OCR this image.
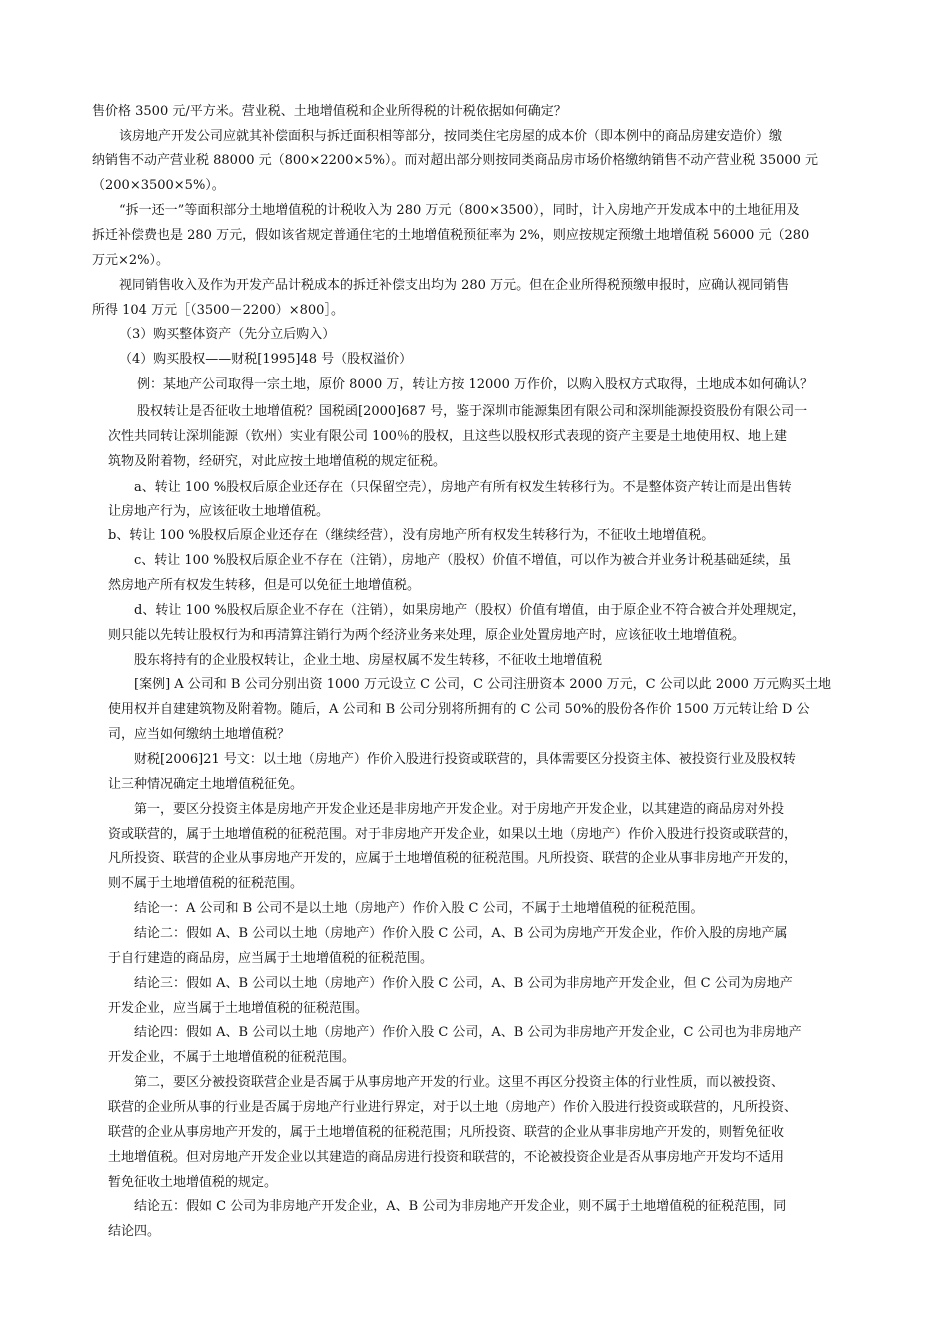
售价格 3500 元/平方米。营业税、土地增值税和企业所得税的计税依据如何确定？
该房地产开发公司应就其补偿面积与拆迁面积相等部分，按同类住宅房屋的成本价（即本例中的商品房建安造价）缴
纳销售不动产营业税 88000 元（800×2200×5%）。而对超出部分则按同类商品房市场价格缴纳销售不动产营业税 35000 元
（200×3500×5%）。
“拆一还一”等面积部分土地增值税的计税收入为 280 万元（800×3500），同时，计入房地产开发成本中的土地征用及
拆迁补偿费也是 280 万元，假如该省规定普通住宅的土地增值税预征率为 2%，则应按规定预缴土地增值税 56000 元（280
万元×2%）。
视同销售收入及作为开发产品计税成本的拆迁补偿支出均为 280 万元。但在企业所得税预缴申报时，应确认视同销售
所得 104 万元［（3500－2200）×800］。
（3）购买整体资产（先分立后购入）
（4）购买股权——财税[1995]48 号（股权溢价）
例：某地产公司取得一宗土地，原价 8000 万，转让方按 12000 万作价，以购入股权方式取得，土地成本如何确认？
股权转让是否征收土地增值税？国税函[2000]687 号，鉴于深圳市能源集团有限公司和深圳能源投资股份有限公司一
次性共同转让深圳能源（钦州）实业有限公司 100％的股权，且这些以股权形式表现的资产主要是土地使用权、地上建
筑物及附着物，经研究，对此应按土地增值税的规定征税。
a、转让 100 %股权后原企业还存在（只保留空壳），房地产有所有权发生转移行为。不是整体资产转让而是出售转
让房地产行为，应该征收土地增值税。
b、转让 100 %股权后原企业还存在（继续经营），没有房地产所有权发生转移行为，不征收土地增值税。
c、转让 100 %股权后原企业不存在（注销），房地产（股权）价值不增值，可以作为被合并业务计税基础延续，虽
然房地产所有权发生转移，但是可以免征土地增值税。
d、转让 100 %股权后原企业不存在（注销），如果房地产（股权）价值有增值，由于原企业不符合被合并处理规定，
则只能以先转让股权行为和再清算注销行为两个经济业务来处理，原企业处置房地产时，应该征收土地增值税。
股东将持有的企业股权转让，企业土地、房屋权属不发生转移，不征收土地增值税
[案例] A 公司和 B 公司分别出资 1000 万元设立 C 公司，C 公司注册资本 2000 万元，C 公司以此 2000 万元购买土地
使用权并自建建筑物及附着物。随后，A 公司和 B 公司分别将所拥有的 C 公司 50%的股份各作价 1500 万元转让给 D 公
司，应当如何缴纳土地增值税？
财税[2006]21 号文：以土地（房地产）作价入股进行投资或联营的，具体需要区分投资主体、被投资行业及股权转
让三种情况确定土地增值税征免。
第一，要区分投资主体是房地产开发企业还是非房地产开发企业。对于房地产开发企业，以其建造的商品房对外投
资或联营的，属于土地增值税的征税范围。对于非房地产开发企业，如果以土地（房地产）作价入股进行投资或联营的，
凡所投资、联营的企业从事房地产开发的，应属于土地增值税的征税范围。凡所投资、联营的企业从事非房地产开发的，
则不属于土地增值税的征税范围。
结论一：A 公司和 B 公司不是以土地（房地产）作价入股 C 公司，不属于土地增值税的征税范围。
结论二：假如 A、B 公司以土地（房地产）作价入股 C 公司，A、B 公司为房地产开发企业，作价入股的房地产属
于自行建造的商品房，应当属于土地增值税的征税范围。
结论三：假如 A、B 公司以土地（房地产）作价入股 C 公司，A、B 公司为非房地产开发企业，但 C 公司为房地产
开发企业，应当属于土地增值税的征税范围。
结论四：假如 A、B 公司以土地（房地产）作价入股 C 公司，A、B 公司为非房地产开发企业，C 公司也为非房地产
开发企业，不属于土地增值税的征税范围。
第二，要区分被投资联营企业是否属于从事房地产开发的行业。这里不再区分投资主体的行业性质，而以被投资、
联营的企业所从事的行业是否属于房地产行业进行界定，对于以土地（房地产）作价入股进行投资或联营的，凡所投资、
联营的企业从事房地产开发的，属于土地增值税的征税范围；凡所投资、联营的企业从事非房地产开发的，则暂免征收
土地增值税。但对房地产开发企业以其建造的商品房进行投资和联营的，不论被投资企业是否从事房地产开发均不适用
暂免征收土地增值税的规定。
结论五：假如 C 公司为非房地产开发企业，A、B 公司为非房地产开发企业，则不属于土地增值税的征税范围，同
结论四。
